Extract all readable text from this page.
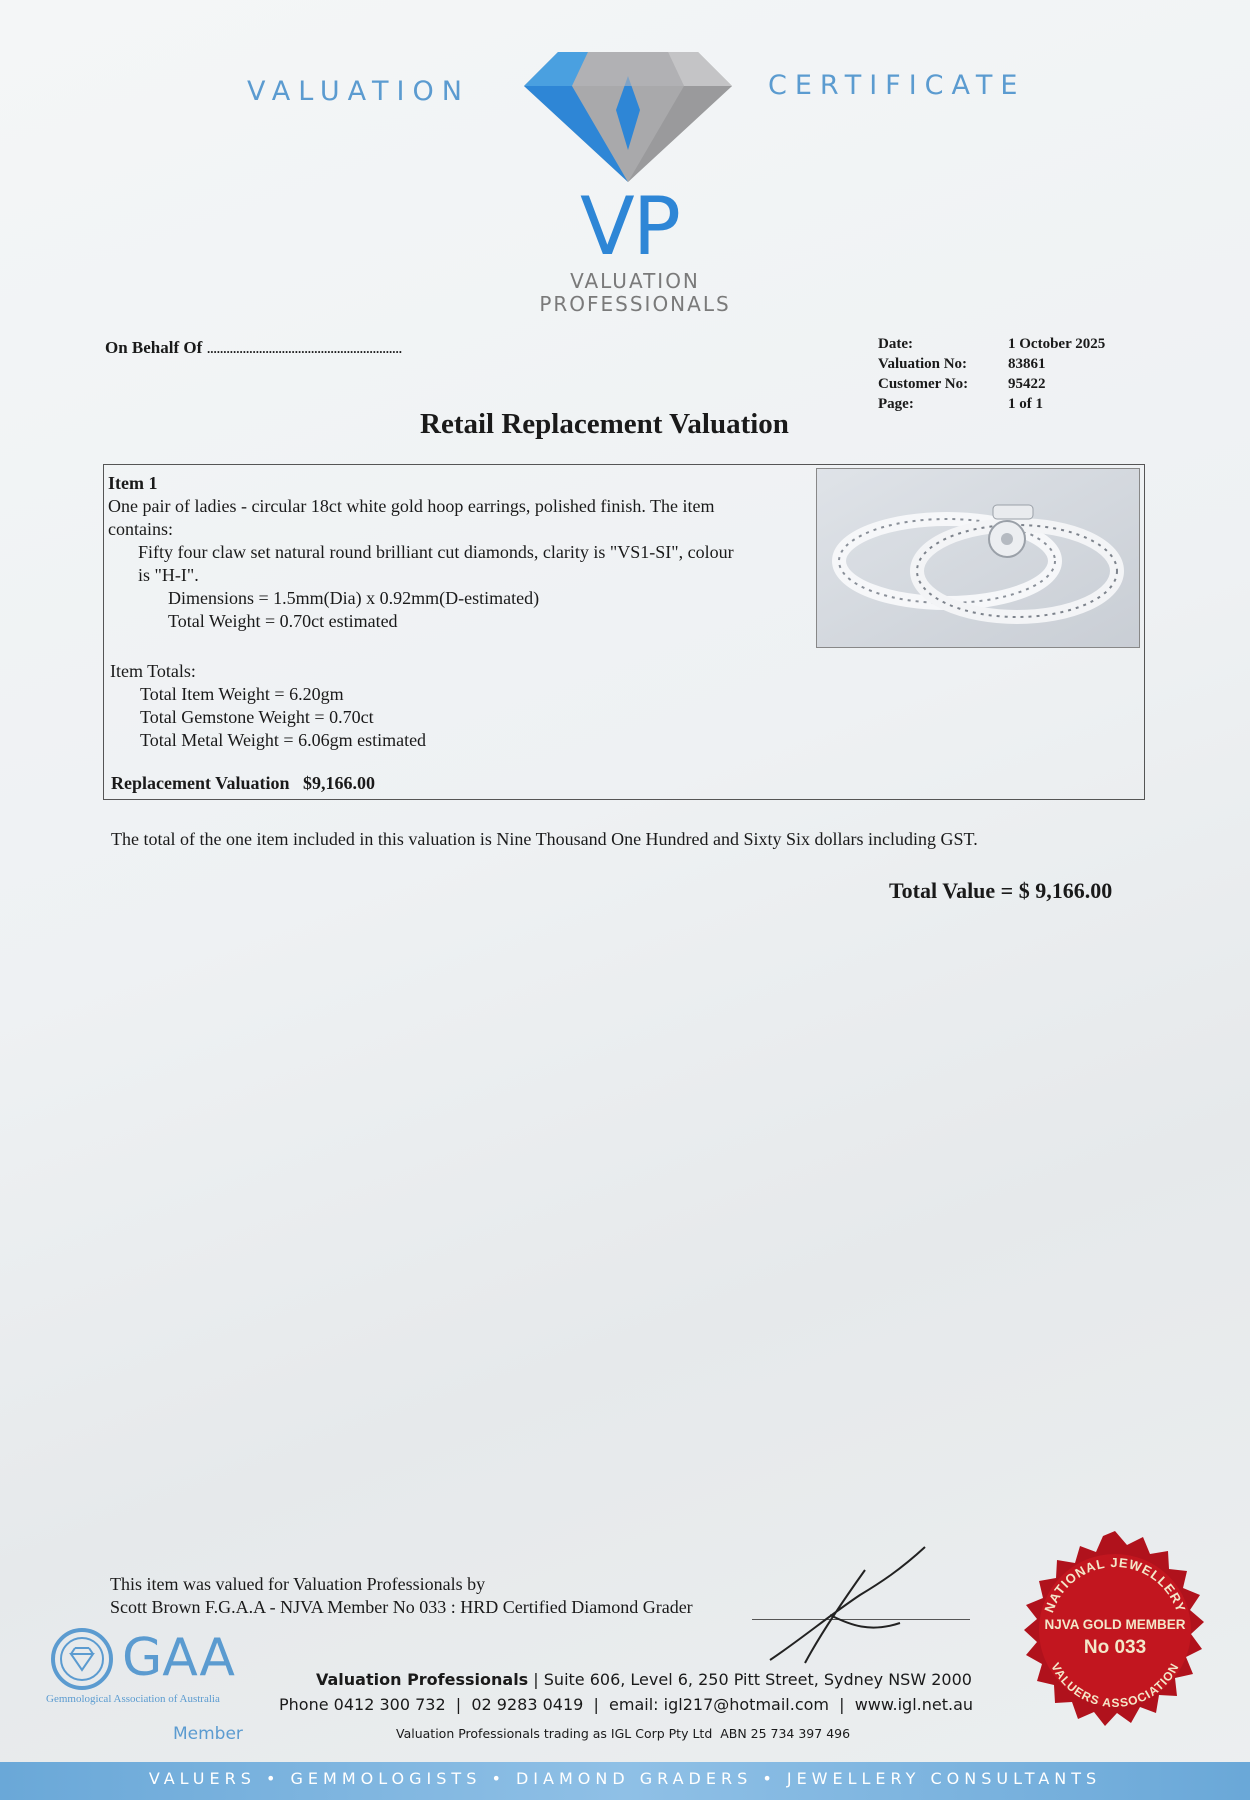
VALUATION	CERTIFICATE
VP
VALUATION
PROFESSIONALS
On Behalf Of ............................................................	Date:	1 October 2025
Valuation No:	83861
Customer No:	95422
Page:	1 of 1
Retail Replacement Valuation
Item 1
One pair of ladies - circular 18ct white gold hoop earrings, polished finish. The item
contains:
Fifty four claw set natural round brilliant cut diamonds, clarity is "VS1-SI", colour
is "H-I".
Dimensions = 1.5mm(Dia) x 0.92mm(D-estimated)
Total Weight = 0.70ct estimated
Item Totals:
Total Item Weight = 6.20gm
Total Gemstone Weight = 0.70ct
Total Metal Weight = 6.06gm estimated
Replacement Valuation $9,166.00
The total of the one item included in this valuation is Nine Thousand One Hundred and Sixty Six dollars including GST.
Total Value = $ 9,166.00
This item was valued for Valuation Professionals by
Scott Brown F.G.A.A - NJVA Member No 033 : HRD Certified Diamond Grader
GAA
Gemmological Association of Australia
Member
Valuation Professionals | Suite 606, Level 6, 250 Pitt Street, Sydney NSW 2000
Phone 0412 300 732  |  02 9283 0419  |  email: igl217@hotmail.com  |  www.igl.net.au
Valuation Professionals trading as IGL Corp Pty Ltd  ABN 25 734 397 496
NATIONAL JEWELLERY
VALUERS ASSOCIATION
NJVA GOLD MEMBER
No 033
VALUERS • GEMMOLOGISTS • DIAMOND GRADERS • JEWELLERY CONSULTANTS
